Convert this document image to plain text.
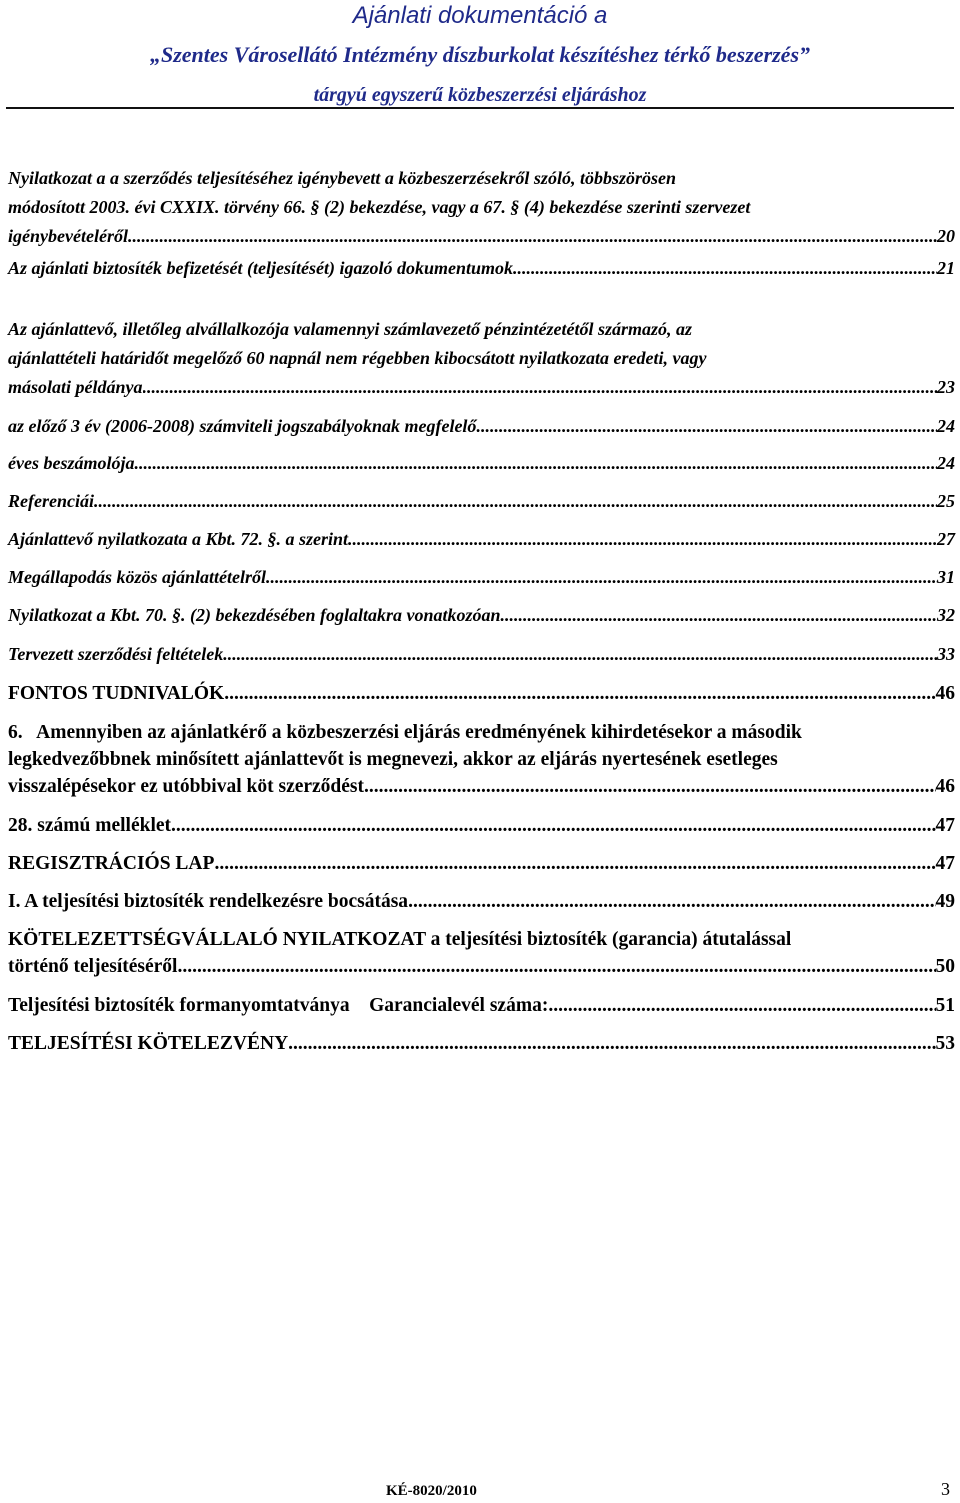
Ajánlati dokumentáció a
„Szentes Városellátó Intézmény díszburkolat készítéshez térkő beszerzés”
tárgyú egyszerű közbeszerzési eljáráshoz
Nyilatkozat a a szerződés teljesítéséhez igénybevett a közbeszerzésekről szóló, többszörösen
módosított 2003. évi CXXIX. törvény 66. § (2) bekezdése, vagy a 67. § (4) bekezdése szerinti szervezet
igénybevételéről .....	20
Az ajánlati biztosíték befizetését (teljesítését) igazoló dokumentumok .....	21
Az ajánlattevő, illetőleg alvállalkozója valamennyi számlavezető pénzintézetétől származó, az
ajánlattételi határidőt megelőző 60 napnál nem régebben kibocsátott nyilatkozata eredeti, vagy
másolati példánya .....	23
az előző 3 év (2006-2008) számviteli jogszabályoknak megfelelő .....	24
éves beszámolója .....	24
Referenciái .....	25
Ajánlattevő nyilatkozata a Kbt. 72. §. a szerint .....	27
Megállapodás közös ajánlattételről .....	31
Nyilatkozat a Kbt. 70. §. (2) bekezdésében foglaltakra vonatkozóan .....	32
Tervezett szerződési feltételek .....	33
FONTOS TUDNIVALÓK .....	46
6.   Amennyiben az ajánlatkérő a közbeszerzési eljárás eredményének kihirdetésekor a második
legkedvezőbbnek minősített ajánlattevőt is megnevezi, akkor az eljárás nyertesének esetleges
visszalépésekor ez utóbbival köt szerződést. .....	46
28. számú melléklet .....	47
REGISZTRÁCIÓS LAP .....	47
I. A teljesítési biztosíték rendelkezésre bocsátása .....	49
KÖTELEZETTSÉGVÁLLALÓ NYILATKOZAT a teljesítési biztosíték (garancia) átutalással
történő teljesítéséről .....	50
Teljesítési biztosíték formanyomtatványa    Garancialevél száma: .....	51
TELJESÍTÉSI KÖTELEZVÉNY .....	53
KÉ-8020/2010	3
